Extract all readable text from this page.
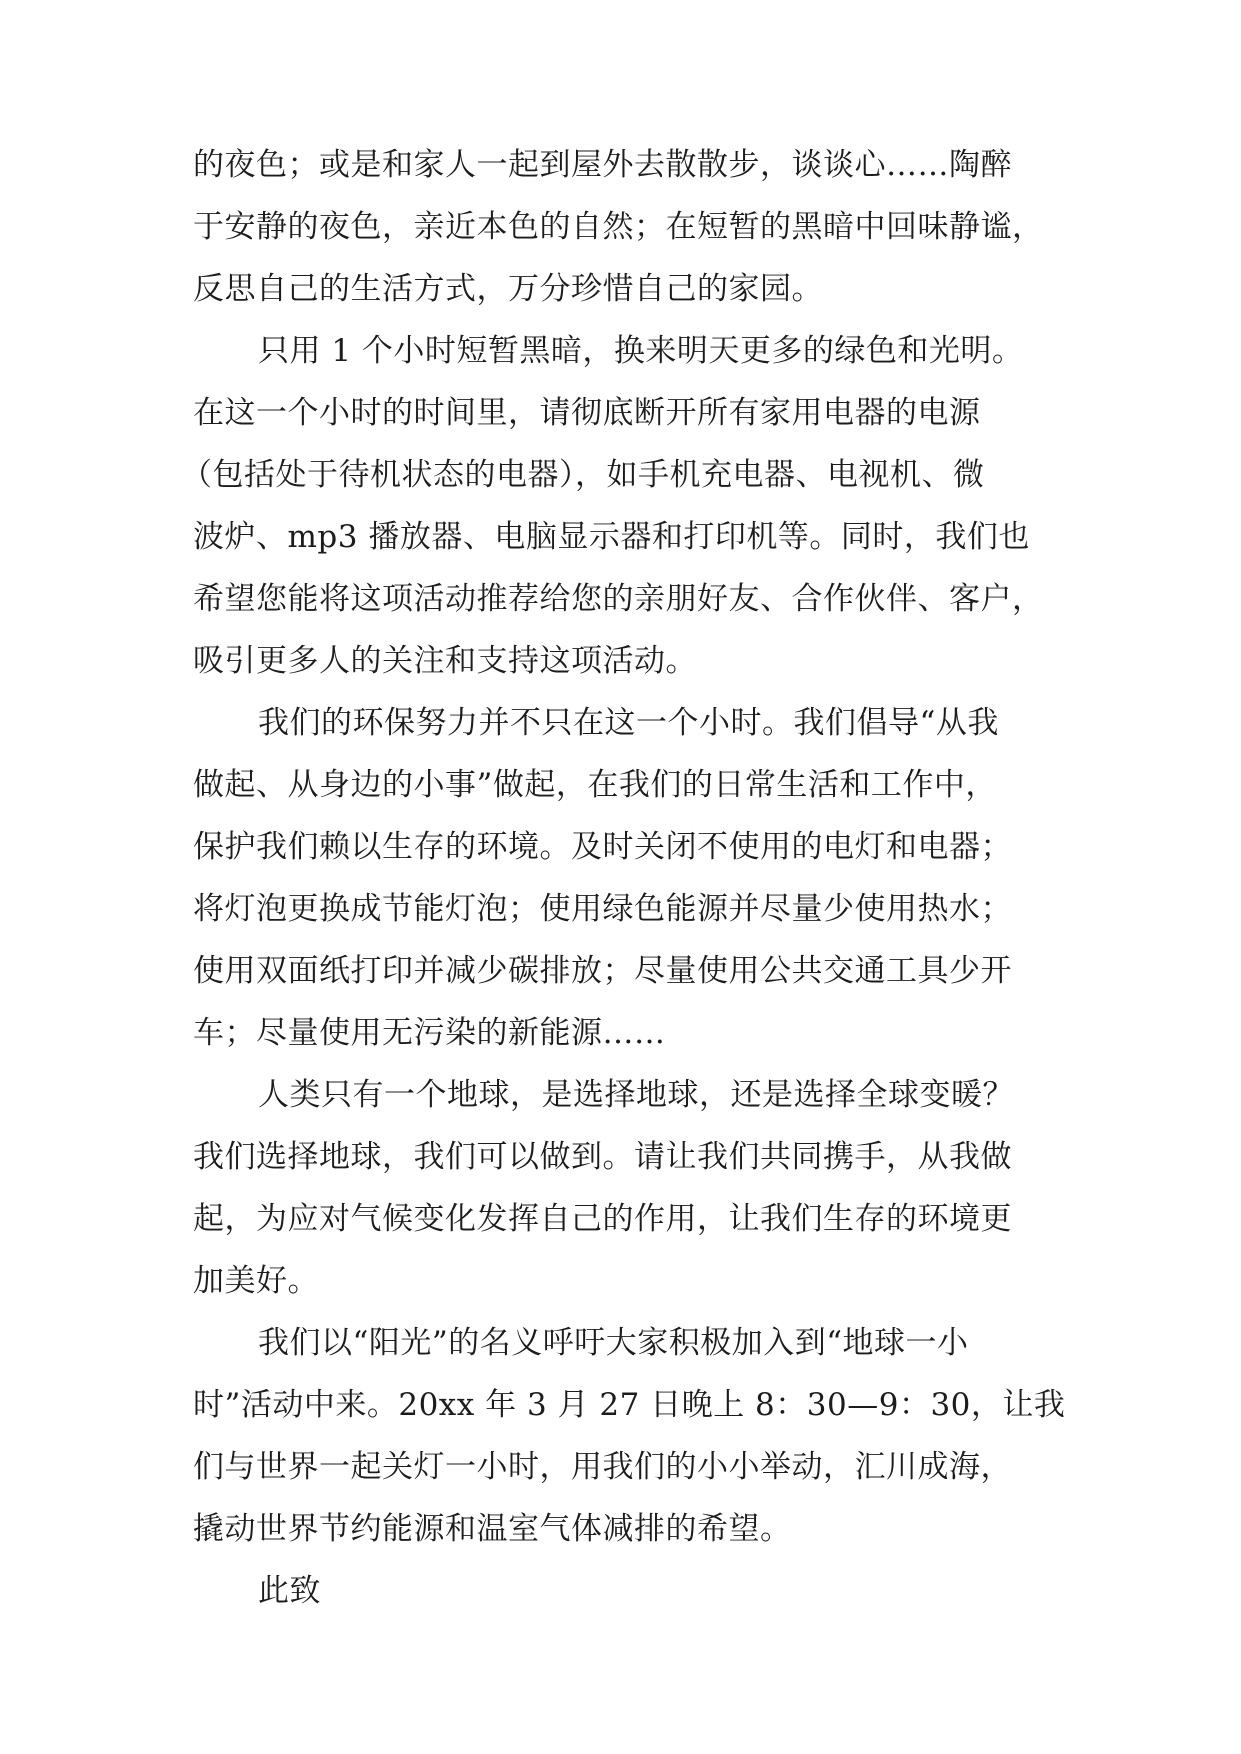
的夜色；或是和家人一起到屋外去散散步，谈谈心……陶醉

于安静的夜色，亲近本色的自然；在短暂的黑暗中回味静谧，

反思自己的生活方式，万分珍惜自己的家园。

只用 1 个小时短暂黑暗，换来明天更多的绿色和光明。

在这一个小时的时间里，请彻底断开所有家用电器的电源

（包括处于待机状态的电器），如手机充电器、电视机、微

波炉、mp3 播放器、电脑显示器和打印机等。同时，我们也

希望您能将这项活动推荐给您的亲朋好友、合作伙伴、客户，

吸引更多人的关注和支持这项活动。

我们的环保努力并不只在这一个小时。我们倡导“从我

做起、从身边的小事”做起，在我们的日常生活和工作中，

保护我们赖以生存的环境。及时关闭不使用的电灯和电器；

将灯泡更换成节能灯泡；使用绿色能源并尽量少使用热水；

使用双面纸打印并减少碳排放；尽量使用公共交通工具少开

车；尽量使用无污染的新能源……

人类只有一个地球，是选择地球，还是选择全球变暖？

我们选择地球，我们可以做到。请让我们共同携手，从我做

起，为应对气候变化发挥自己的作用，让我们生存的环境更

加美好。

我们以“阳光”的名义呼吁大家积极加入到“地球一小

时”活动中来。20xx 年 3 月 27 日晚上 8：30—9：30，让我

们与世界一起关灯一小时，用我们的小小举动，汇川成海，

撬动世界节约能源和温室气体减排的希望。

此致
